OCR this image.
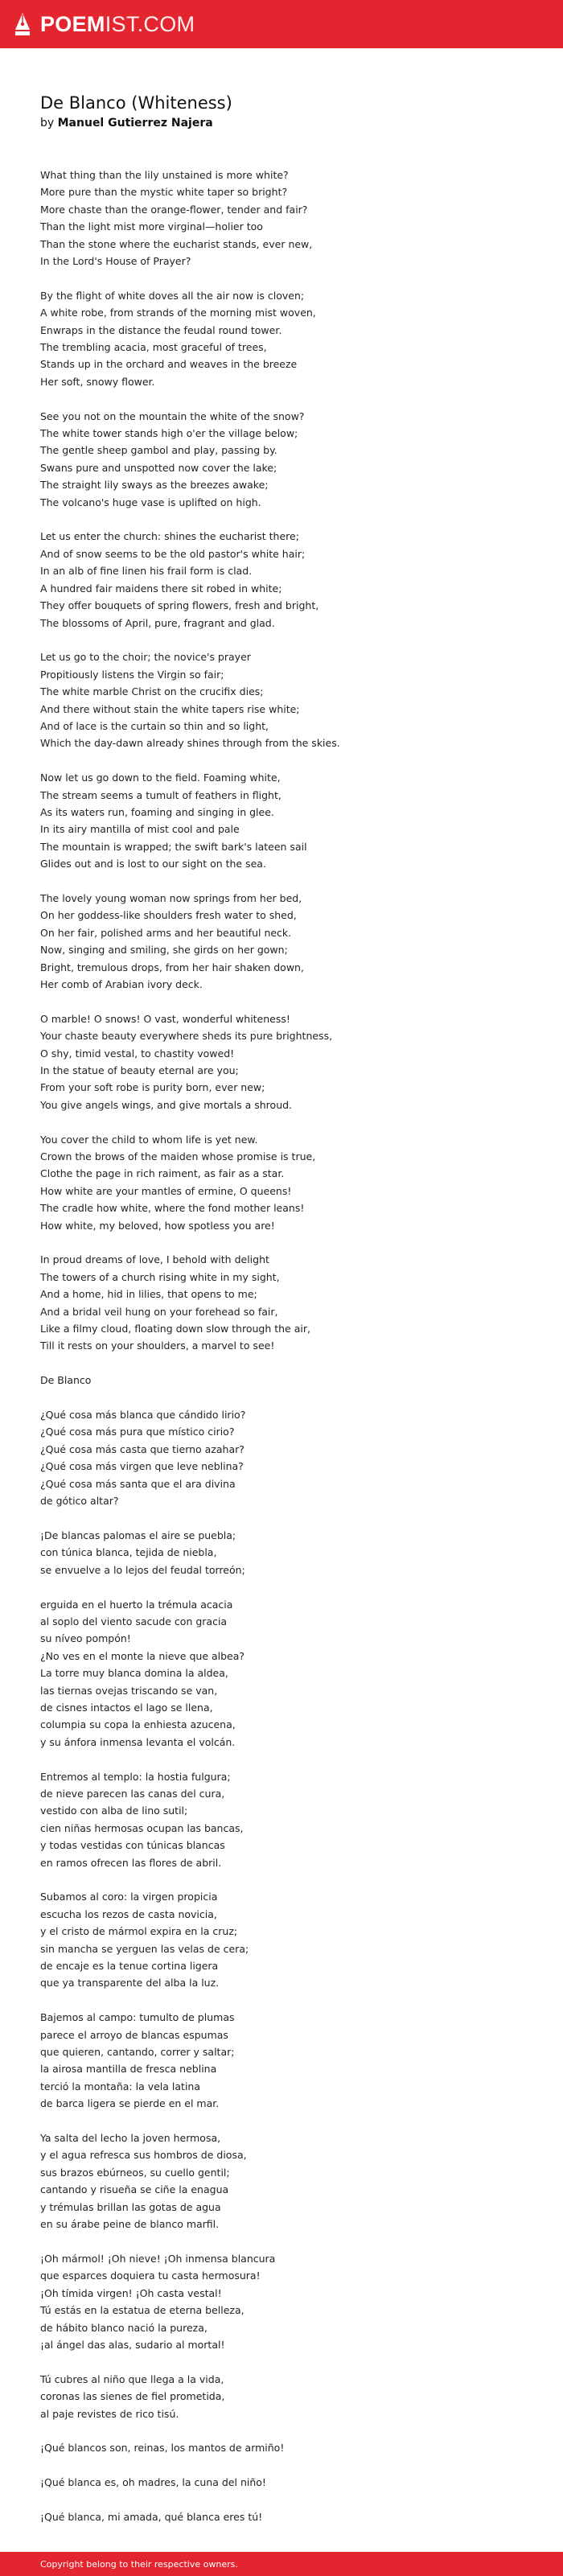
POEMIST.COM
De Blanco (Whiteness)
by Manuel Gutierrez Najera
What thing than the lily unstained is more white?
More pure than the mystic white taper so bright?
More chaste than the orange-flower, tender and fair?
Than the light mist more virginal—holier too
Than the stone where the eucharist stands, ever new,
In the Lord's House of Prayer?
By the flight of white doves all the air now is cloven;
A white robe, from strands of the morning mist woven,
Enwraps in the distance the feudal round tower.
The trembling acacia, most graceful of trees,
Stands up in the orchard and weaves in the breeze
Her soft, snowy flower.
See you not on the mountain the white of the snow?
The white tower stands high o'er the village below;
The gentle sheep gambol and play, passing by.
Swans pure and unspotted now cover the lake;
The straight lily sways as the breezes awake;
The volcano's huge vase is uplifted on high.
Let us enter the church: shines the eucharist there;
And of snow seems to be the old pastor's white hair;
In an alb of fine linen his frail form is clad.
A hundred fair maidens there sit robed in white;
They offer bouquets of spring flowers, fresh and bright,
The blossoms of April, pure, fragrant and glad.
Let us go to the choir; the novice's prayer
Propitiously listens the Virgin so fair;
The white marble Christ on the crucifix dies;
And there without stain the white tapers rise white;
And of lace is the curtain so thin and so light,
Which the day-dawn already shines through from the skies.
Now let us go down to the field. Foaming white,
The stream seems a tumult of feathers in flight,
As its waters run, foaming and singing in glee.
In its airy mantilla of mist cool and pale
The mountain is wrapped; the swift bark's lateen sail
Glides out and is lost to our sight on the sea.
The lovely young woman now springs from her bed,
On her goddess-like shoulders fresh water to shed,
On her fair, polished arms and her beautiful neck.
Now, singing and smiling, she girds on her gown;
Bright, tremulous drops, from her hair shaken down,
Her comb of Arabian ivory deck.
O marble! O snows! O vast, wonderful whiteness!
Your chaste beauty everywhere sheds its pure brightness,
O shy, timid vestal, to chastity vowed!
In the statue of beauty eternal are you;
From your soft robe is purity born, ever new;
You give angels wings, and give mortals a shroud.
You cover the child to whom life is yet new.
Crown the brows of the maiden whose promise is true,
Clothe the page in rich raiment, as fair as a star.
How white are your mantles of ermine, O queens!
The cradle how white, where the fond mother leans!
How white, my beloved, how spotless you are!
In proud dreams of love, I behold with delight
The towers of a church rising white in my sight,
And a home, hid in lilies, that opens to me;
And a bridal veil hung on your forehead so fair,
Like a filmy cloud, floating down slow through the air,
Till it rests on your shoulders, a marvel to see!
De Blanco
¿Qué cosa más blanca que cándido lirio?
¿Qué cosa más pura que místico cirio?
¿Qué cosa más casta que tierno azahar?
¿Qué cosa más virgen que leve neblina?
¿Qué cosa más santa que el ara divina
de gótico altar?
¡De blancas palomas el aire se puebla;
con túnica blanca, tejida de niebla,
se envuelve a lo lejos del feudal torreón;
erguida en el huerto la trémula acacia
al soplo del viento sacude con gracia
su níveo pompón!
¿No ves en el monte la nieve que albea?
La torre muy blanca domina la aldea,
las tiernas ovejas triscando se van,
de cisnes intactos el lago se llena,
columpia su copa la enhiesta azucena,
y su ánfora inmensa levanta el volcán.
Entremos al templo: la hostia fulgura;
de nieve parecen las canas del cura,
vestido con alba de lino sutil;
cien niñas hermosas ocupan las bancas,
y todas vestidas con túnicas blancas
en ramos ofrecen las flores de abril.
Subamos al coro: la virgen propicia
escucha los rezos de casta novicia,
y el cristo de mármol expira en la cruz;
sin mancha se yerguen las velas de cera;
de encaje es la tenue cortina ligera
que ya transparente del alba la luz.
Bajemos al campo: tumulto de plumas
parece el arroyo de blancas espumas
que quieren, cantando, correr y saltar;
la airosa mantilla de fresca neblina
terció la montaña: la vela latina
de barca ligera se pierde en el mar.
Ya salta del lecho la joven hermosa,
y el agua refresca sus hombros de diosa,
sus brazos ebúrneos, su cuello gentil;
cantando y risueña se ciñe la enagua
y trémulas brillan las gotas de agua
en su árabe peine de blanco marfil.
¡Oh mármol! ¡Oh nieve! ¡Oh inmensa blancura
que esparces doquiera tu casta hermosura!
¡Oh tímida virgen! ¡Oh casta vestal!
Tú estás en la estatua de eterna belleza,
de hábito blanco nació la pureza,
¡al ángel das alas, sudario al mortal!
Tú cubres al niño que llega a la vida,
coronas las sienes de fiel prometida,
al paje revistes de rico tisú.
¡Qué blancos son, reinas, los mantos de armiño!
¡Qué blanca es, oh madres, la cuna del niño!
¡Qué blanca, mi amada, qué blanca eres tú!
Copyright belong to their respective owners.
